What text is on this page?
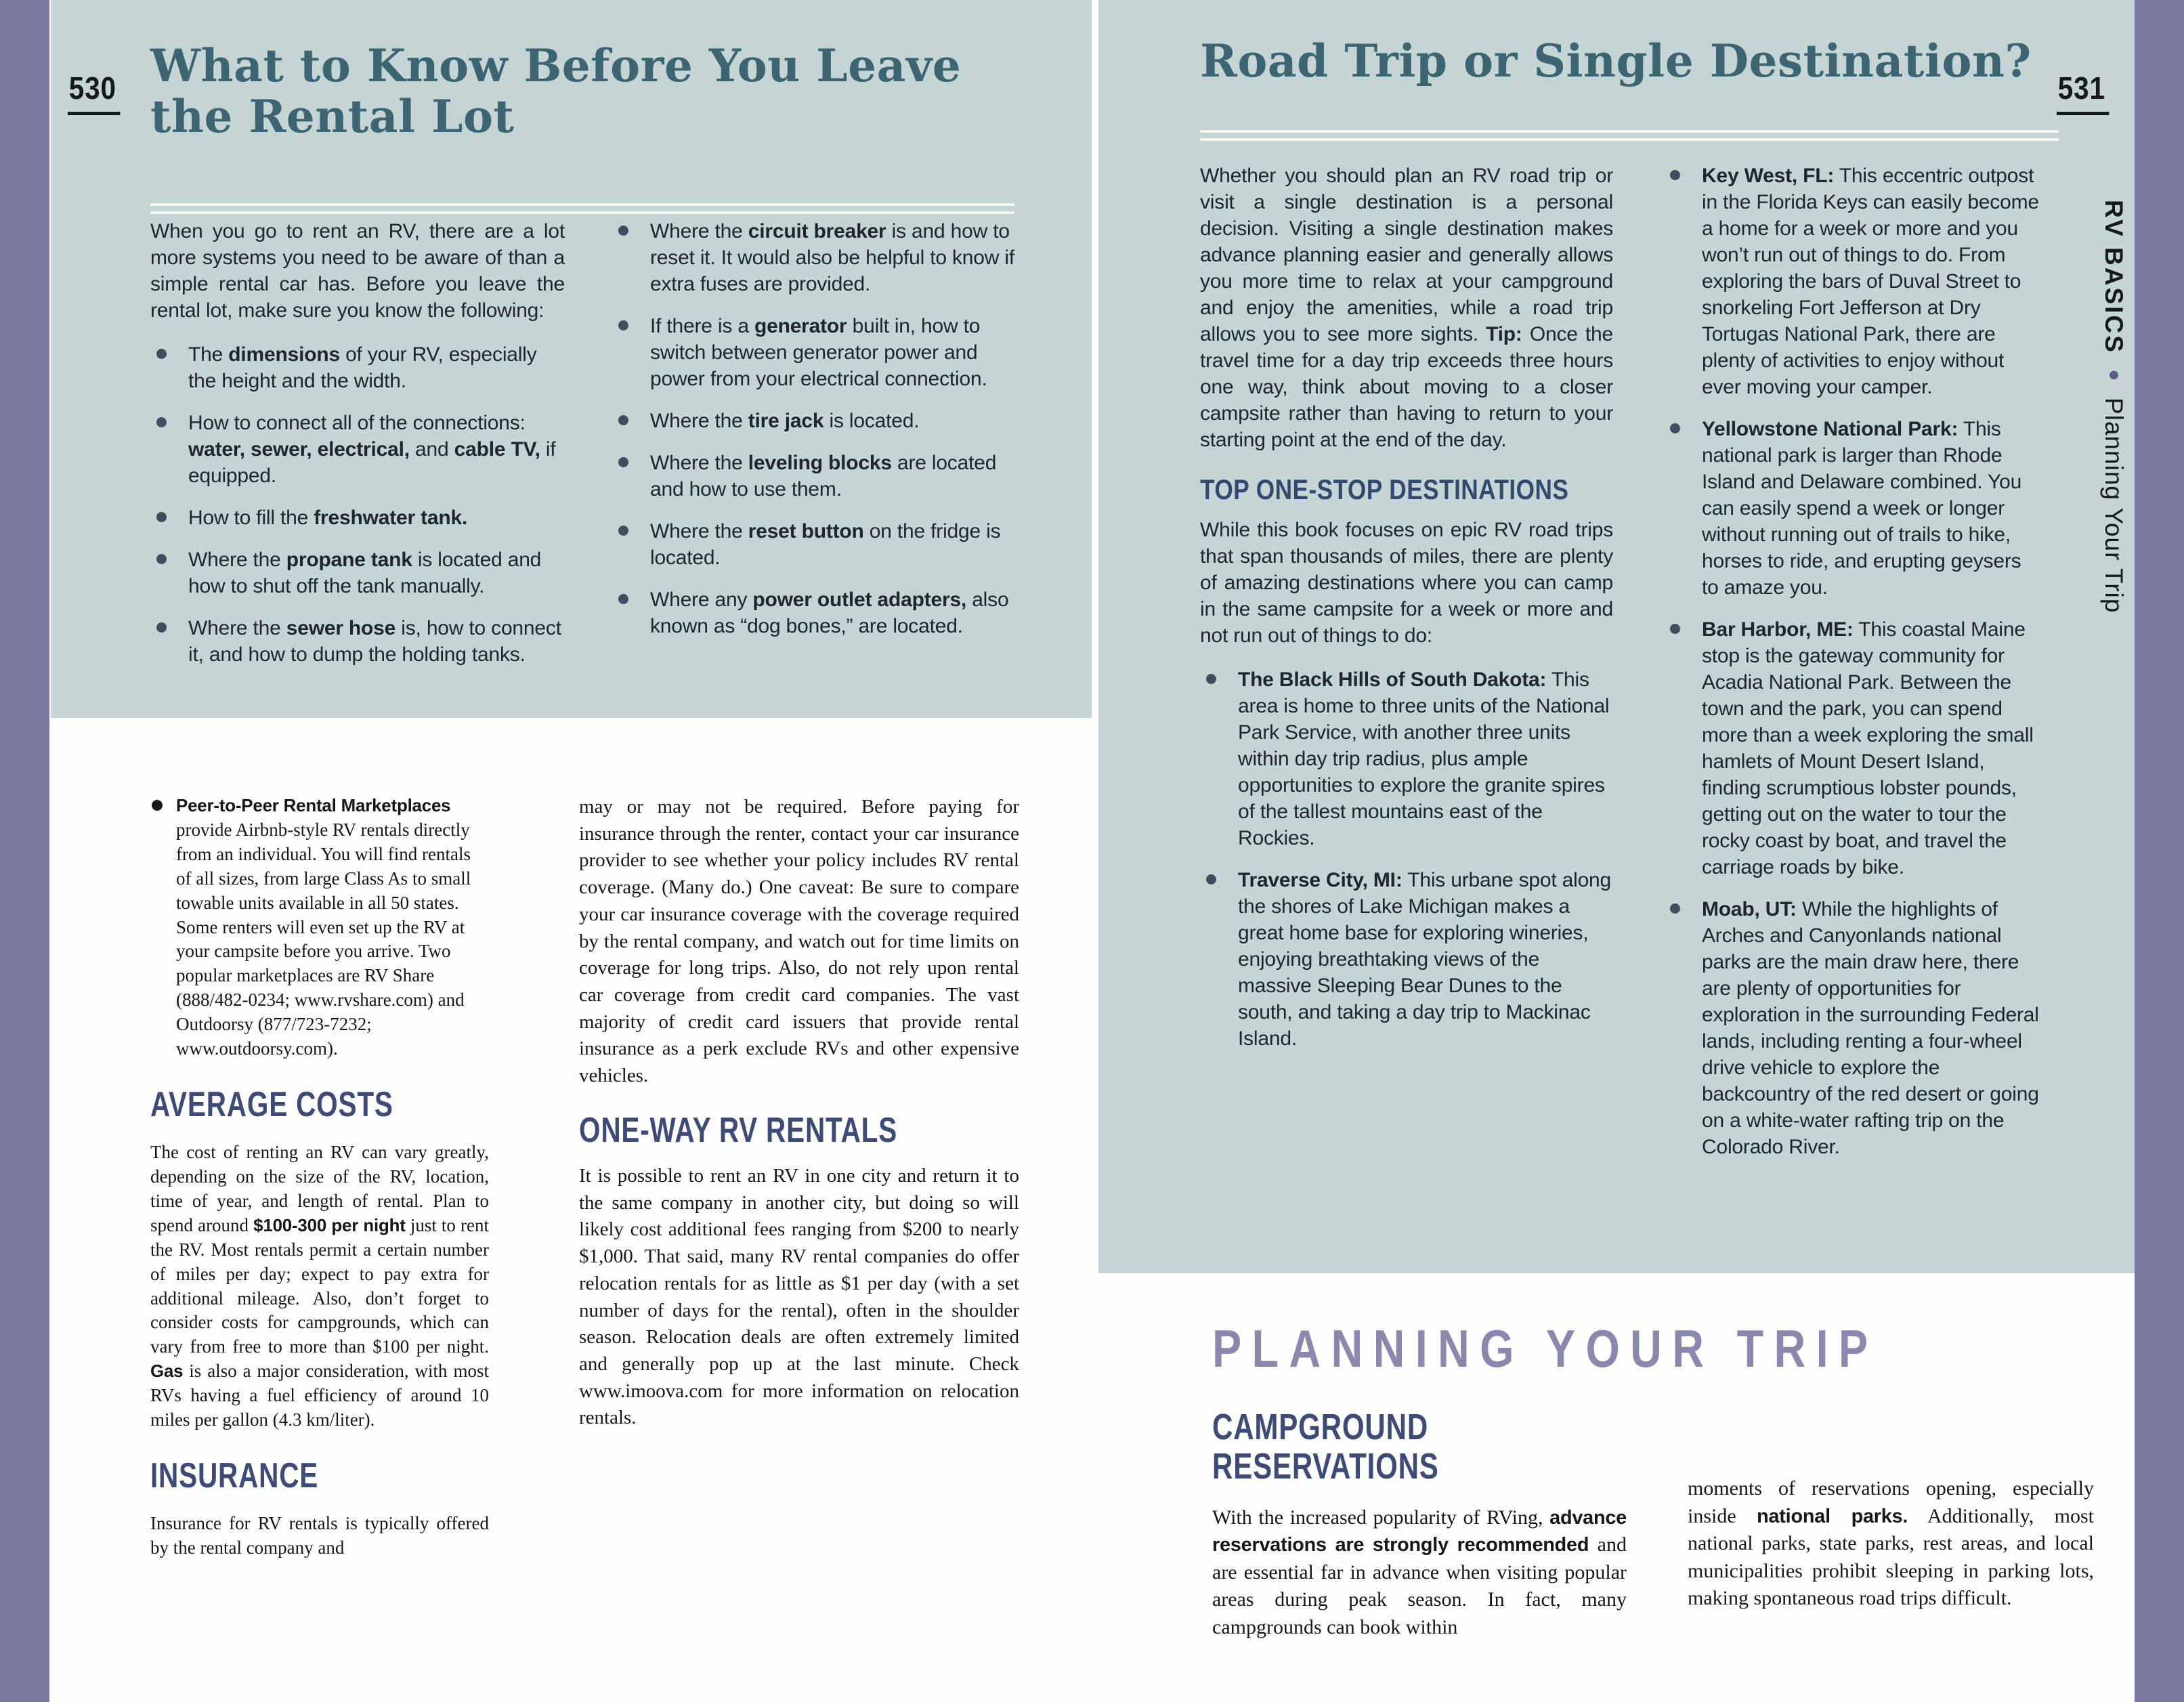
530 What to Know Before You Leave
the Rental Lot

When you go to rent an RV, there are a lot more systems you need to be aware of than a simple rental car has. Before you leave the rental lot, make sure you know the following:

The dimensions of your RV, especially the height and the width.
How to connect all of the connections: water, sewer, electrical, and cable TV, if equipped.
How to fill the freshwater tank.
Where the propane tank is located and how to shut off the tank manually.
Where the sewer hose is, how to connect it, and how to dump the holding tanks.
Where the circuit breaker is and how to reset it. It would also be helpful to know if extra fuses are provided.
If there is a generator built in, how to switch between generator power and power from your electrical connection.
Where the tire jack is located.
Where the leveling blocks are located and how to use them.
Where the reset button on the fridge is located.
Where any power outlet adapters, also known as “dog bones,” are located.
Peer-to-Peer Rental Marketplaces provide Airbnb-style RV rentals directly from an individual. You will find rentals of all sizes, from large Class As to small towable units available in all 50 states. Some renters will even set up the RV at your campsite before you arrive. Two popular marketplaces are RV Share (888/482-0234; www.rvshare.com) and Outdoorsy (877/723-7232; www.outdoorsy.com).
AVERAGE COSTS

The cost of renting an RV can vary greatly, depending on the size of the RV, location, time of year, and length of rental. Plan to spend around $100-300 per night just to rent the RV. Most rentals permit a certain number of miles per day; expect to pay extra for additional mileage. Also, don’t forget to consider costs for campgrounds, which can vary from free to more than $100 per night. Gas is also a major consideration, with most RVs having a fuel efficiency of around 10 miles per gallon (4.3 km/liter).

INSURANCE

Insurance for RV rentals is typically offered by the rental company and

may or may not be required. Before paying for insurance through the renter, contact your car insurance provider to see whether your policy includes RV rental coverage. (Many do.) One caveat: Be sure to compare your car insurance coverage with the coverage required by the rental company, and watch out for time limits on coverage for long trips. Also, do not rely upon rental car coverage from credit card companies. The vast majority of credit card issuers that provide rental insurance as a perk exclude RVs and other expensive vehicles.

ONE-WAY RV RENTALS

It is possible to rent an RV in one city and return it to the same company in another city, but doing so will likely cost additional fees ranging from $200 to nearly $1,000. That said, many RV rental companies do offer relocation rentals for as little as $1 per day (with a set number of days for the rental), often in the shoulder season. Relocation deals are often extremely limited and generally pop up at the last minute. Check www.imoova.com for more information on relocation rentals.

531
Road Trip or Single Destination?

Whether you should plan an RV road trip or visit a single destination is a personal decision. Visiting a single destination makes advance planning easier and generally allows you more time to relax at your campground and enjoy the amenities, while a road trip allows you to see more sights. Tip: Once the travel time for a day trip exceeds three hours one way, think about moving to a closer campsite rather than having to return to your starting point at the end of the day.

TOP ONE-STOP DESTINATIONS

While this book focuses on epic RV road trips that span thousands of miles, there are plenty of amazing destinations where you can camp in the same campsite for a week or more and not run out of things to do:

The Black Hills of South Dakota: This area is home to three units of the National Park Service, with another three units within day trip radius, plus ample opportunities to explore the granite spires of the tallest mountains east of the Rockies.
Traverse City, MI: This urbane spot along the shores of Lake Michigan makes a great home base for exploring wineries, enjoying breathtaking views of the massive Sleeping Bear Dunes to the south, and taking a day trip to Mackinac Island.
Key West, FL: This eccentric outpost in the Florida Keys can easily become a home for a week or more and you won’t run out of things to do. From exploring the bars of Duval Street to snorkeling Fort Jefferson at Dry Tortugas National Park, there are plenty of activities to enjoy without ever moving your camper.
Yellowstone National Park: This national park is larger than Rhode Island and Delaware combined. You can easily spend a week or longer without running out of trails to hike, horses to ride, and erupting geysers to amaze you.
Bar Harbor, ME: This coastal Maine stop is the gateway community for Acadia National Park. Between the town and the park, you can spend more than a week exploring the small hamlets of Mount Desert Island, finding scrumptious lobster pounds, getting out on the water to tour the rocky coast by boat, and travel the carriage roads by bike.
Moab, UT: While the highlights of Arches and Canyonlands national parks are the main draw here, there are plenty of opportunities for exploration in the surrounding Federal lands, including renting a four-wheel drive vehicle to explore the backcountry of the red desert or going on a white-water rafting trip on the Colorado River.
PLANNING YOUR TRIP
CAMPGROUND
RESERVATIONS

With the increased popularity of RVing, advance reservations are strongly recommended and are essential far in advance when visiting popular areas during peak season. In fact, many campgrounds can book within

moments of reservations opening, especially inside national parks. Additionally, most national parks, state parks, rest areas, and local municipalities prohibit sleeping in parking lots, making spontaneous road trips difficult.

RV BASICS●Planning Your Trip
